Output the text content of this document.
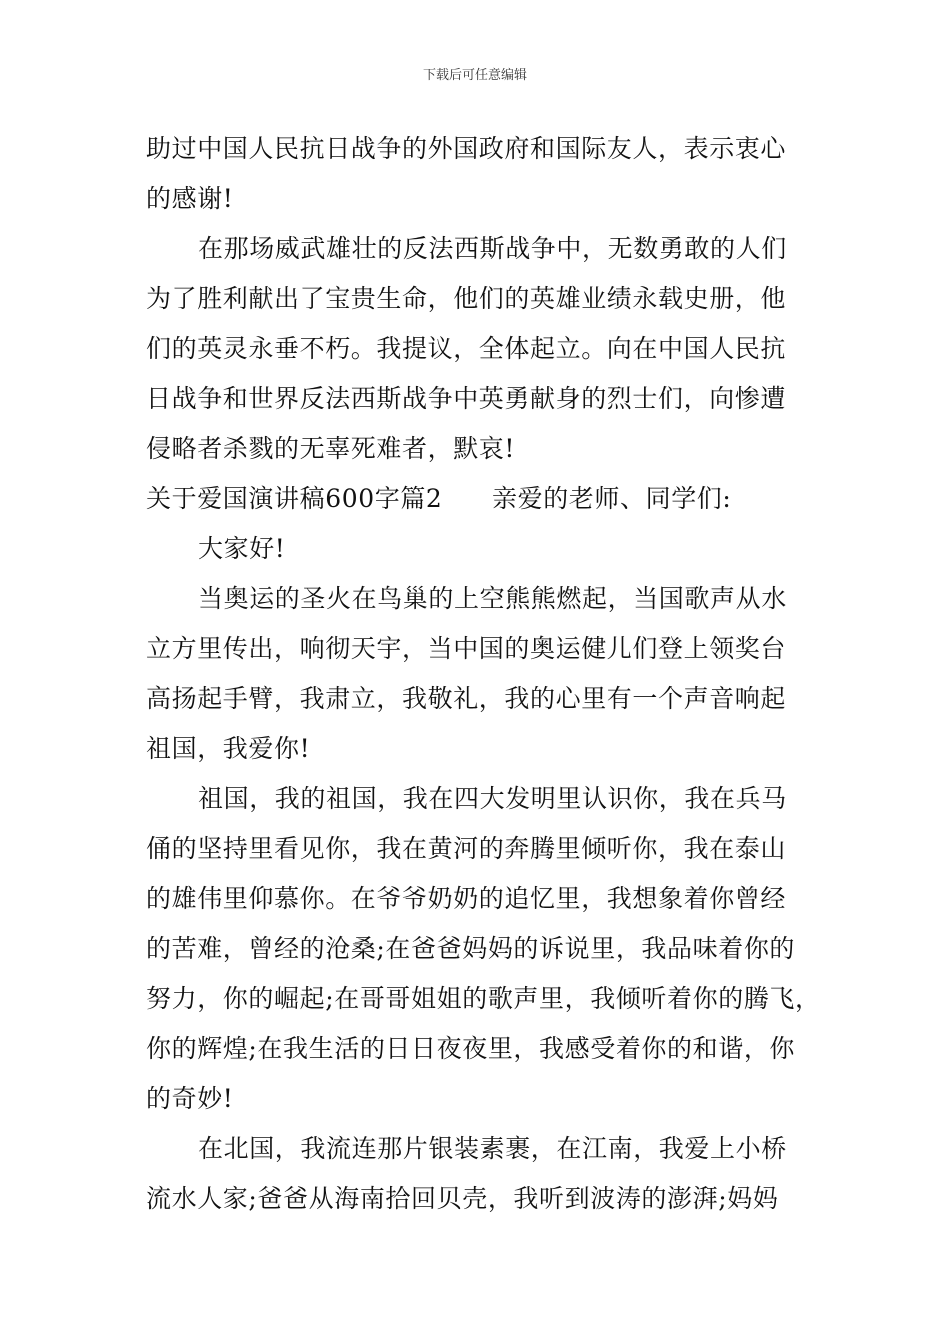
下载后可任意编辑
助过中国人民抗日战争的外国政府和国际友人，表示衷心
的感谢!
在那场威武雄壮的反法西斯战争中，无数勇敢的人们
为了胜利献出了宝贵生命，他们的英雄业绩永载史册，他
们的英灵永垂不朽。我提议，全体起立。向在中国人民抗
日战争和世界反法西斯战争中英勇献身的烈士们，向惨遭
侵略者杀戮的无辜死难者，默哀!
关于爱国演讲稿600字篇2 亲爱的老师、同学们:
大家好!
当奥运的圣火在鸟巢的上空熊熊燃起，当国歌声从水
立方里传出，响彻天宇，当中国的奥运健儿们登上领奖台
高扬起手臂，我肃立，我敬礼，我的心里有一个声音响起
祖国，我爱你!
祖国，我的祖国，我在四大发明里认识你，我在兵马
俑的坚持里看见你，我在黄河的奔腾里倾听你，我在泰山
的雄伟里仰慕你。在爷爷奶奶的追忆里，我想象着你曾经
的苦难，曾经的沧桑;在爸爸妈妈的诉说里，我品味着你的
努力，你的崛起;在哥哥姐姐的歌声里，我倾听着你的腾飞，
你的辉煌;在我生活的日日夜夜里，我感受着你的和谐，你
的奇妙!
在北国，我流连那片银装素裹，在江南，我爱上小桥
流水人家;爸爸从海南拾回贝壳，我听到波涛的澎湃;妈妈
